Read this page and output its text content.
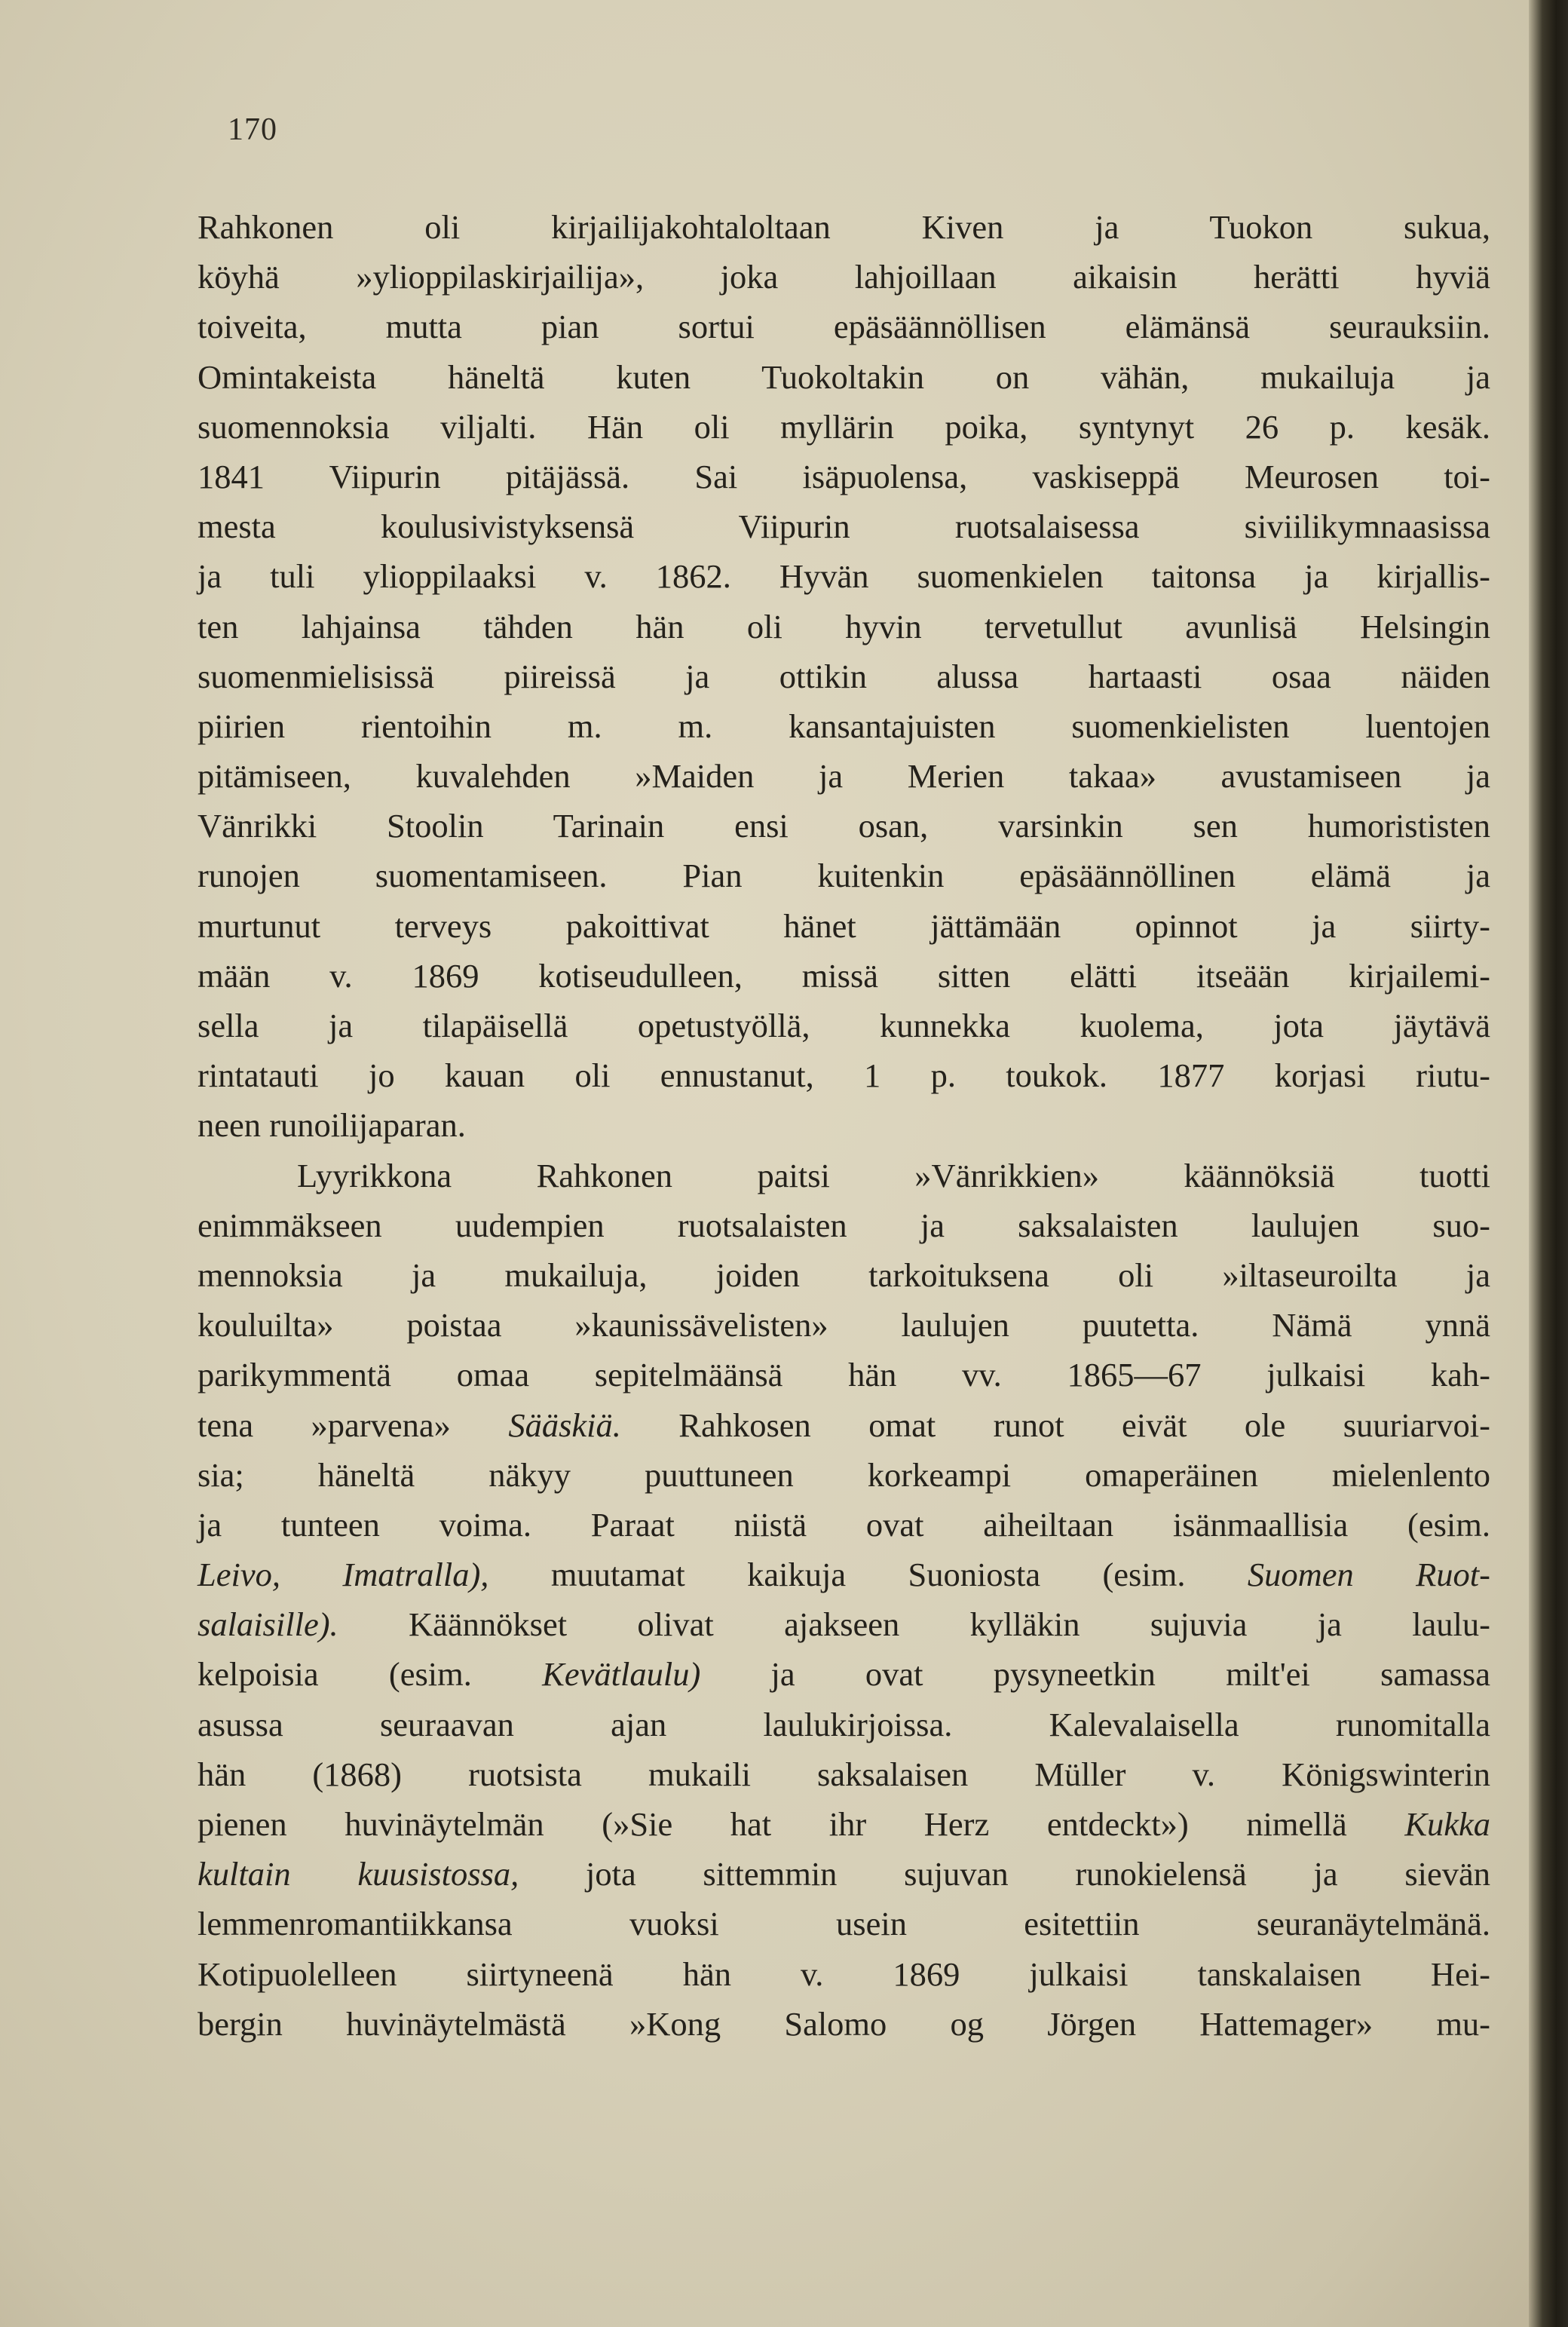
170
Rahkonen oli kirjailijakohtaloltaan Kiven ja Tuokon sukua,
köyhä »ylioppilaskirjailija», joka lahjoillaan aikaisin herätti hyviä
toiveita, mutta pian sortui epäsäännöllisen elämänsä seurauksiin.
Omintakeista häneltä kuten Tuokoltakin on vähän, mukailuja ja
suomennoksia viljalti. Hän oli myllärin poika, syntynyt 26 p. kesäk.
1841 Viipurin pitäjässä. Sai isäpuolensa, vaskiseppä Meurosen toi-
mesta koulusivistyksensä Viipurin ruotsalaisessa siviilikymnaasissa
ja tuli ylioppilaaksi v. 1862. Hyvän suomenkielen taitonsa ja kirjallis-
ten lahjainsa tähden hän oli hyvin tervetullut avunlisä Helsingin
suomenmielisissä piireissä ja ottikin alussa hartaasti osaa näiden
piirien rientoihin m. m. kansantajuisten suomenkielisten luentojen
pitämiseen, kuvalehden »Maiden ja Merien takaa» avustamiseen ja
Vänrikki Stoolin Tarinain ensi osan, varsinkin sen humorististen
runojen suomentamiseen. Pian kuitenkin epäsäännöllinen elämä ja
murtunut terveys pakoittivat hänet jättämään opinnot ja siirty-
mään v. 1869 kotiseudulleen, missä sitten elätti itseään kirjailemi-
sella ja tilapäisellä opetustyöllä, kunnekka kuolema, jota jäytävä
rintatauti jo kauan oli ennustanut, 1 p. toukok. 1877 korjasi riutu-
neen runoilijaparan.
Lyyrikkona Rahkonen paitsi »Vänrikkien» käännöksiä tuotti
enimmäkseen uudempien ruotsalaisten ja saksalaisten laulujen suo-
mennoksia ja mukailuja, joiden tarkoituksena oli »iltaseuroilta ja
kouluilta» poistaa »kaunissävelisten» laulujen puutetta. Nämä ynnä
parikymmentä omaa sepitelmäänsä hän vv. 1865—67 julkaisi kah-
tena »parvena» Sääskiä. Rahkosen omat runot eivät ole suuriarvoi-
sia; häneltä näkyy puuttuneen korkeampi omaperäinen mielenlento
ja tunteen voima. Paraat niistä ovat aiheiltaan isänmaallisia (esim.
Leivo, Imatralla), muutamat kaikuja Suoniosta (esim. Suomen Ruot-
salaisille). Käännökset olivat ajakseen kylläkin sujuvia ja laulu-
kelpoisia (esim. Kevätlaulu) ja ovat pysyneetkin milt'ei samassa
asussa seuraavan ajan laulukirjoissa. Kalevalaisella runomitalla
hän (1868) ruotsista mukaili saksalaisen Müller v. Königswinterin
pienen huvinäytelmän (»Sie hat ihr Herz entdeckt») nimellä Kukka
kultain kuusistossa, jota sittemmin sujuvan runokielensä ja sievän
lemmenromantiikkansa vuoksi usein esitettiin seuranäytelmänä.
Kotipuolelleen siirtyneenä hän v. 1869 julkaisi tanskalaisen Hei-
bergin huvinäytelmästä »Kong Salomo og Jörgen Hattemager» mu-
